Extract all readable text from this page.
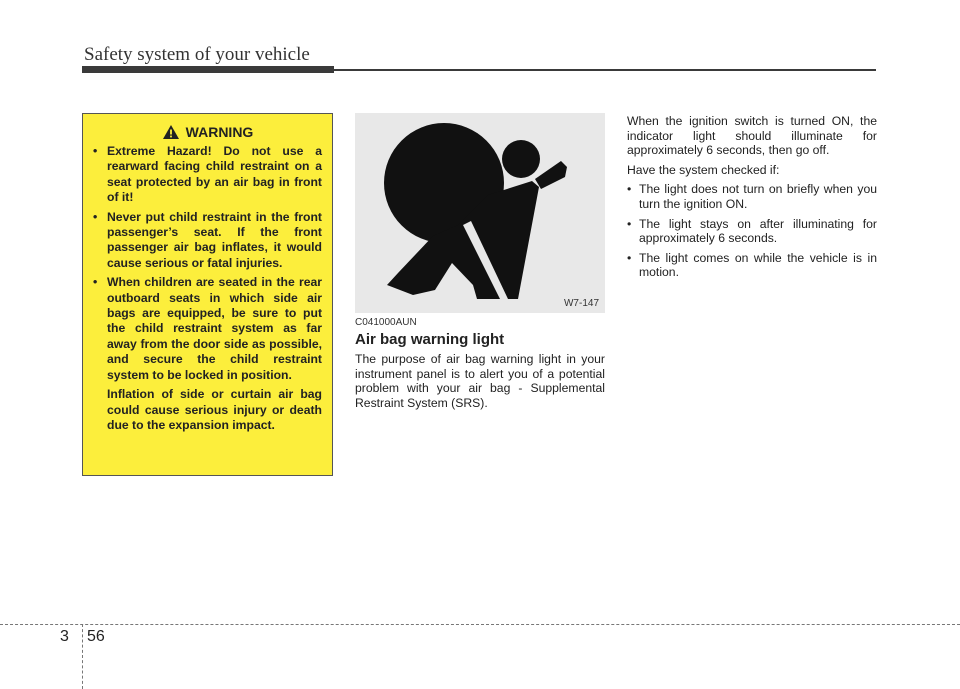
Safety system of your vehicle
WARNING
• Extreme Hazard! Do not use a rearward facing child restraint on a seat protected by an air bag in front of it!
• Never put child restraint in the front passenger’s seat. If the front passenger air bag inflates, it would cause serious or fatal injuries.
• When children are seated in the rear outboard seats in which side air bags are equipped, be sure to put the child restraint system as far away from the door side as possible, and secure the child restraint system to be locked in position.
Inflation of side or curtain air bag could cause serious injury or death due to the expansion impact.
W7-147
C041000AUN
Air bag warning light
The purpose of air bag warning light in your instrument panel is to alert you of a potential problem with your air bag - Supplemental Restraint System (SRS).

When the ignition switch is turned ON, the indicator light should illuminate for approximately 6 seconds, then go off.

Have the system checked if:

• The light does not turn on briefly when you turn the ignition ON.
• The light stays on after illuminating for approximately 6 seconds.
• The light comes on while the vehicle is in motion.
3 56
